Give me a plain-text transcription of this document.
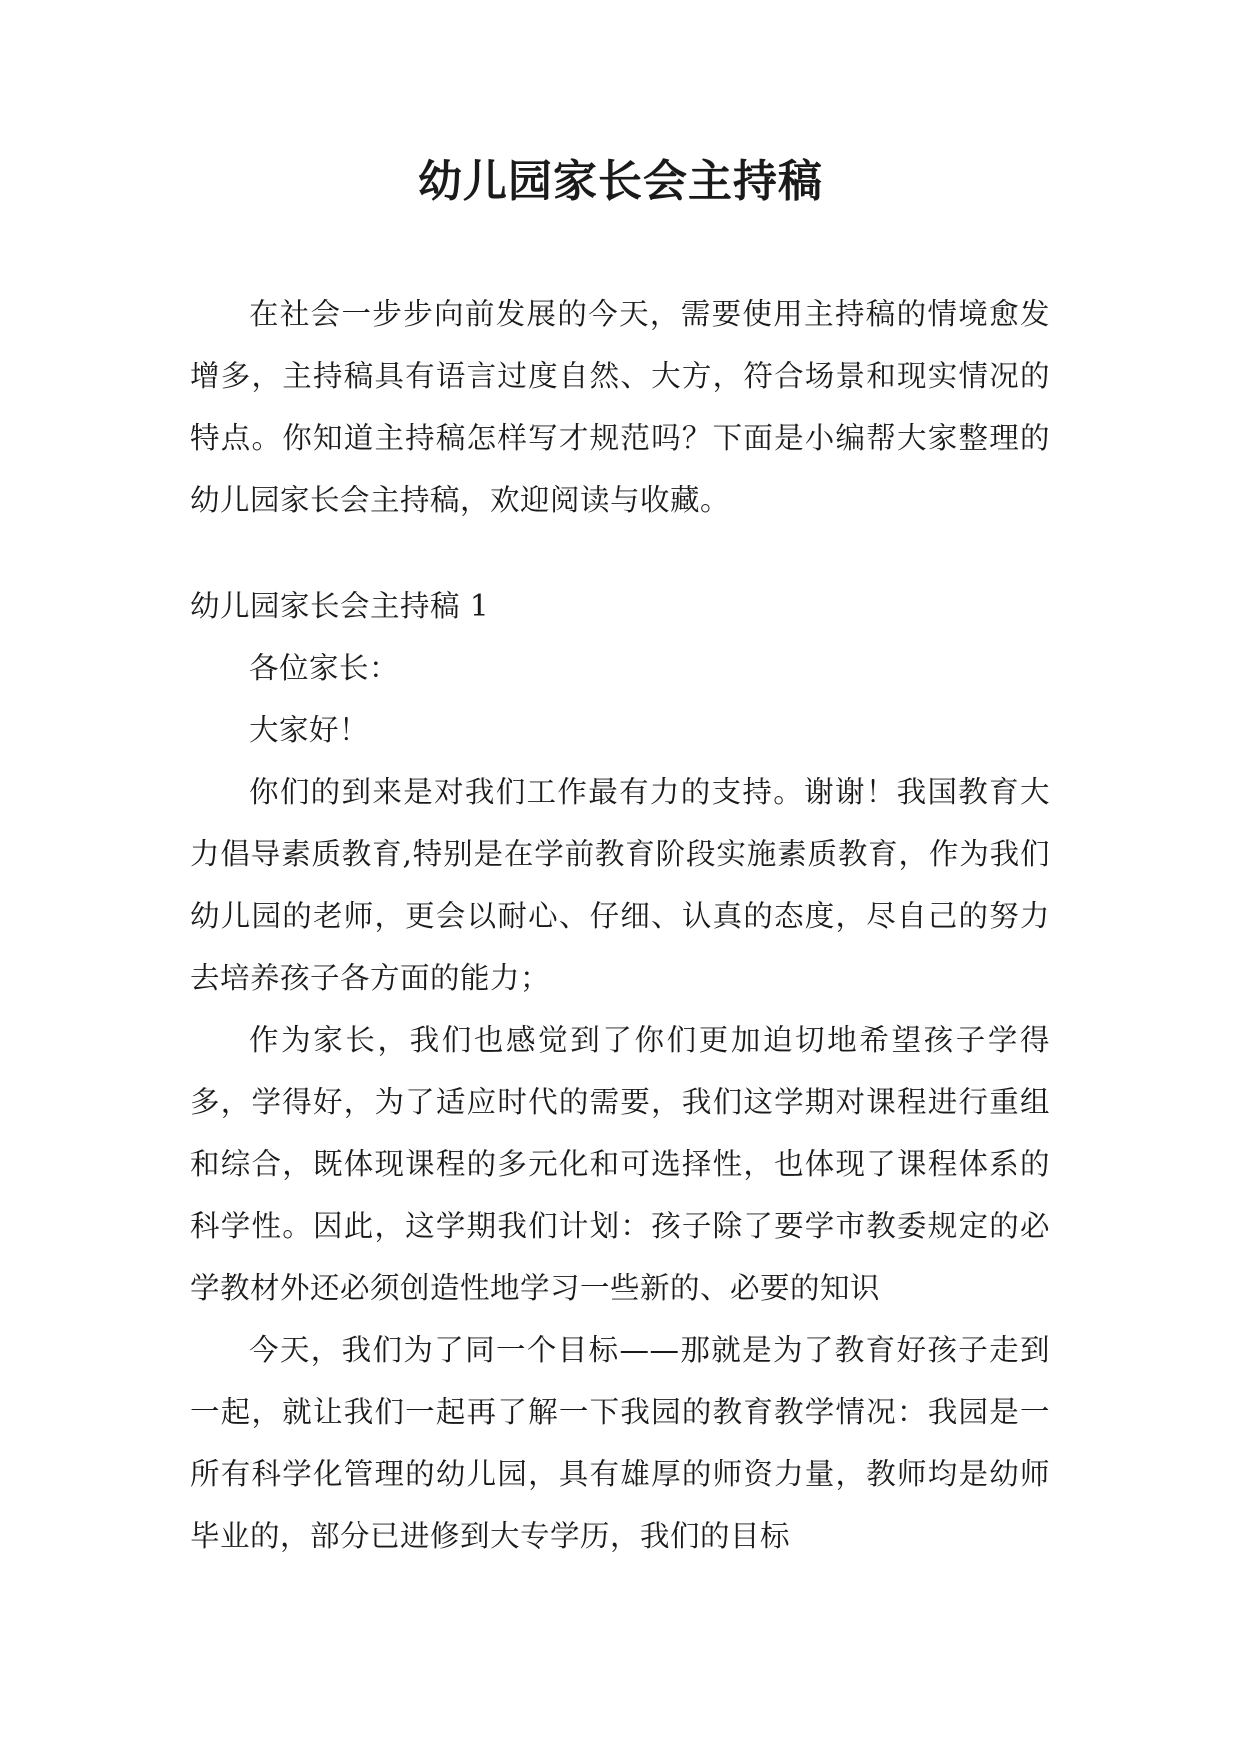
幼儿园家长会主持稿

在社会一步步向前发展的今天，需要使用主持稿的情境愈发增多，主持稿具有语言过度自然、大方，符合场景和现实情况的特点。你知道主持稿怎样写才规范吗？下面是小编帮大家整理的幼儿园家长会主持稿，欢迎阅读与收藏。

幼儿园家长会主持稿 1

各位家长：

大家好！

你们的到来是对我们工作最有力的支持。谢谢！我国教育大力倡导素质教育,特别是在学前教育阶段实施素质教育，作为我们幼儿园的老师，更会以耐心、仔细、认真的态度，尽自己的努力去培养孩子各方面的能力；

作为家长，我们也感觉到了你们更加迫切地希望孩子学得多，学得好，为了适应时代的需要，我们这学期对课程进行重组和综合，既体现课程的多元化和可选择性，也体现了课程体系的科学性。因此，这学期我们计划：孩子除了要学市教委规定的必学教材外还必须创造性地学习一些新的、必要的知识

今天，我们为了同一个目标——那就是为了教育好孩子走到一起，就让我们一起再了解一下我园的教育教学情况：我园是一所有科学化管理的幼儿园，具有雄厚的师资力量，教师均是幼师毕业的，部分已进修到大专学历，我们的目标
